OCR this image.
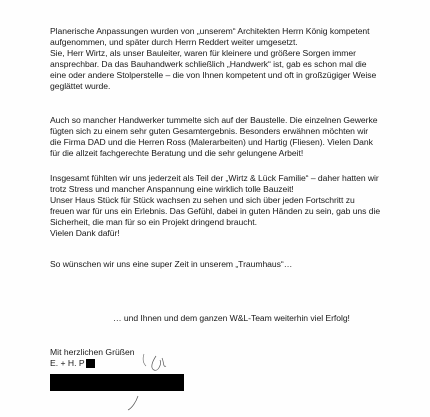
Planerische Anpassungen wurden von „unserem“ Architekten Herrn König kompetent
aufgenommen, und später durch Herrn Reddert weiter umgesetzt.
Sie, Herr Wirtz, als unser Bauleiter, waren für kleinere und größere Sorgen immer
ansprechbar. Da das Bauhandwerk schließlich „Handwerk“ ist, gab es schon mal die
eine oder andere Stolperstelle – die von Ihnen kompetent und oft in großzügiger Weise
geglättet wurde.
Auch so mancher Handwerker tummelte sich auf der Baustelle. Die einzelnen Gewerke
fügten sich zu einem sehr guten Gesamtergebnis. Besonders erwähnen möchten wir
die Firma DAD und die Herren Ross (Malerarbeiten) und Hartig (Fliesen). Vielen Dank
für die allzeit fachgerechte Beratung und die sehr gelungene Arbeit!
Insgesamt fühlten wir uns jederzeit als Teil der „Wirtz & Lück Familie“ – daher hatten wir
trotz Stress und mancher Anspannung eine wirklich tolle Bauzeit!
Unser Haus Stück für Stück wachsen zu sehen und sich über jeden Fortschritt zu
freuen war für uns ein Erlebnis. Das Gefühl, dabei in guten Händen zu sein, gab uns die
Sicherheit, die man für so ein Projekt dringend braucht.
Vielen Dank dafür!
So wünschen wir uns eine super Zeit in unserem „Traumhaus“…
… und Ihnen und dem ganzen W&L-Team weiterhin viel Erfolg!
Mit herzlichen Grüßen
E. + H. P
